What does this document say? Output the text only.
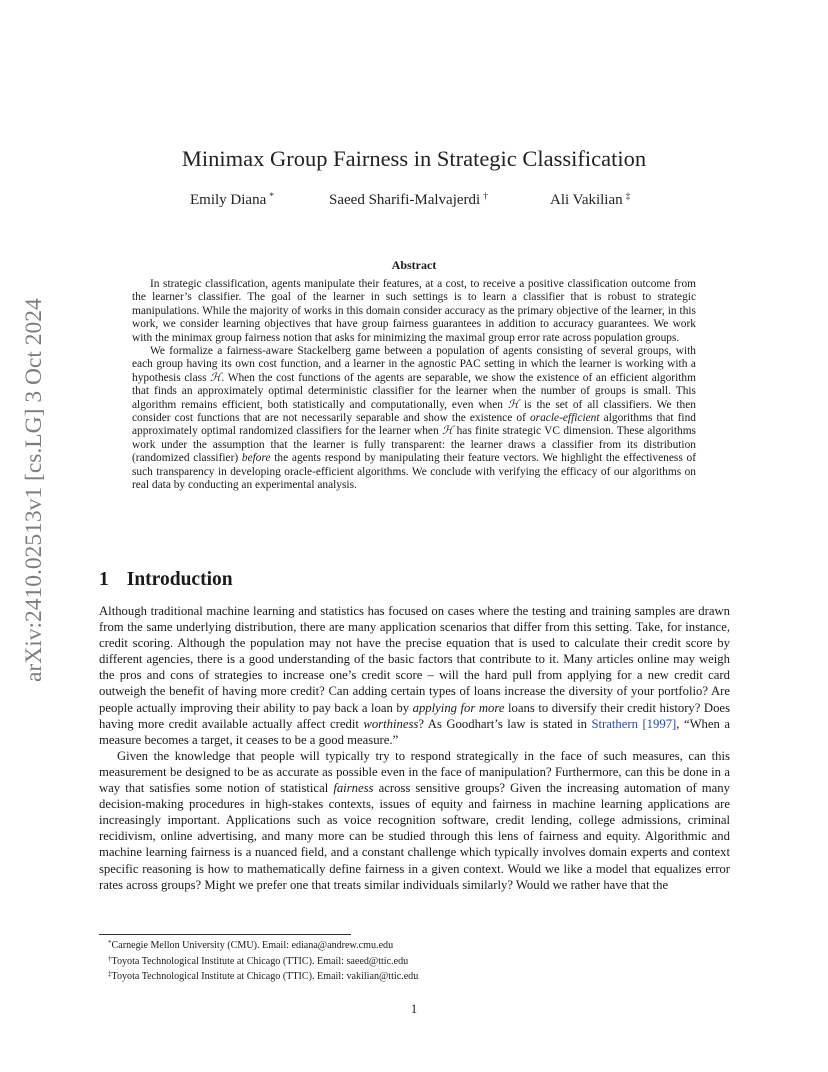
arXiv:2410.02513v1 [cs.LG] 3 Oct 2024
Minimax Group Fairness in Strategic Classification
Emily Diana *	Saeed Sharifi-Malvajerdi †	Ali Vakilian ‡
Abstract

In strategic classification, agents manipulate their features, at a cost, to receive a positive classification outcome from the learner’s classifier. The goal of the learner in such settings is to learn a classifier that is robust to strategic manipulations. While the majority of works in this domain consider accuracy as the primary objective of the learner, in this work, we consider learning objectives that have group fairness guarantees in addition to accuracy guarantees. We work with the minimax group fairness notion that asks for minimizing the maximal group error rate across population groups.

We formalize a fairness-aware Stackelberg game between a population of agents consisting of several groups, with each group having its own cost function, and a learner in the agnostic PAC setting in which the learner is working with a hypothesis class ℋ. When the cost functions of the agents are separable, we show the existence of an efficient algorithm that finds an approximately optimal deterministic classifier for the learner when the number of groups is small. This algorithm remains efficient, both statistically and computationally, even when ℋ is the set of all classifiers. We then consider cost functions that are not necessarily separable and show the existence of oracle-efficient algorithms that find approximately optimal randomized classifiers for the learner when ℋ has finite strategic VC dimension. These algorithms work under the assumption that the learner is fully transparent: the learner draws a classifier from its distribution (randomized classifier) before the agents respond by manipulating their feature vectors. We highlight the effectiveness of such transparency in developing oracle-efficient algorithms. We conclude with verifying the efficacy of our algorithms on real data by conducting an experimental analysis.

1 Introduction

Although traditional machine learning and statistics has focused on cases where the testing and training samples are drawn from the same underlying distribution, there are many application scenarios that differ from this setting. Take, for instance, credit scoring. Although the population may not have the precise equation that is used to calculate their credit score by different agencies, there is a good understanding of the basic factors that contribute to it. Many articles online may weigh the pros and cons of strategies to increase one’s credit score – will the hard pull from applying for a new credit card outweigh the benefit of having more credit? Can adding certain types of loans increase the diversity of your portfolio? Are people actually improving their ability to pay back a loan by applying for more loans to diversify their credit history? Does having more credit available actually affect credit worthiness? As Goodhart’s law is stated in Strathern [1997], “When a measure becomes a target, it ceases to be a good measure.”

Given the knowledge that people will typically try to respond strategically in the face of such measures, can this measurement be designed to be as accurate as possible even in the face of manipulation? Furthermore, can this be done in a way that satisfies some notion of statistical fairness across sensitive groups? Given the increasing automation of many decision-making procedures in high-stakes contexts, issues of equity and fairness in machine learning applications are increasingly important. Applications such as voice recognition software, credit lending, college admissions, criminal recidivism, online advertising, and many more can be studied through this lens of fairness and equity. Algorithmic and machine learning fairness is a nuanced field, and a constant challenge which typically involves domain experts and context specific reasoning is how to mathematically define fairness in a given context. Would we like a model that equalizes error rates across groups? Might we prefer one that treats similar individuals similarly? Would we rather have that the

*Carnegie Mellon University (CMU). Email: ediana@andrew.cmu.edu
†Toyota Technological Institute at Chicago (TTIC). Email: saeed@ttic.edu
‡Toyota Technological Institute at Chicago (TTIC). Email: vakilian@ttic.edu
1
